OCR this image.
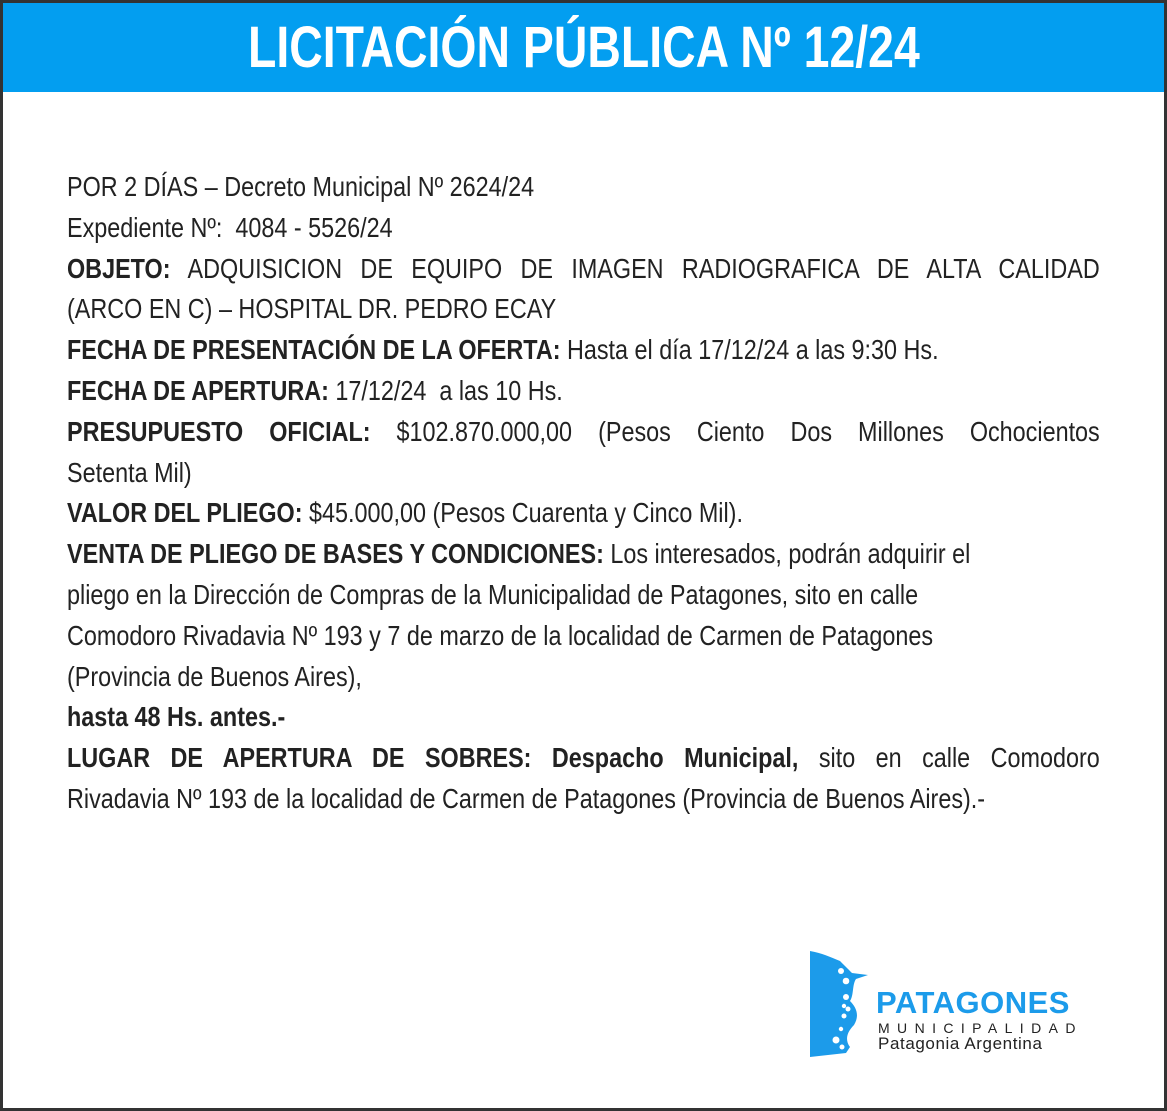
LICITACIÓN PÚBLICA Nº 12/24
POR 2 DÍAS – Decreto Municipal Nº 2624/24
Expediente Nº:  4084 - 5526/24
OBJETO: ADQUISICION DE EQUIPO DE IMAGEN RADIOGRAFICA DE ALTA CALIDAD
(ARCO EN C) – HOSPITAL DR. PEDRO ECAY
FECHA DE PRESENTACIÓN DE LA OFERTA: Hasta el día 17/12/24 a las 9:30 Hs.
FECHA DE APERTURA: 17/12/24  a las 10 Hs.
PRESUPUESTO OFICIAL: $102.870.000,00 (Pesos Ciento Dos Millones Ochocientos
Setenta Mil)
VALOR DEL PLIEGO: $45.000,00 (Pesos Cuarenta y Cinco Mil).
VENTA DE PLIEGO DE BASES Y CONDICIONES: Los interesados, podrán adquirir el
pliego en la Dirección de Compras de la Municipalidad de Patagones, sito en calle
Comodoro Rivadavia Nº 193 y 7 de marzo de la localidad de Carmen de Patagones
(Provincia de Buenos Aires),
hasta 48 Hs. antes.-
LUGAR DE APERTURA DE SOBRES: Despacho Municipal, sito en calle Comodoro
Rivadavia Nº 193 de la localidad de Carmen de Patagones (Provincia de Buenos Aires).-
PATAGONES
MUNICIPALIDAD
Patagonia Argentina
